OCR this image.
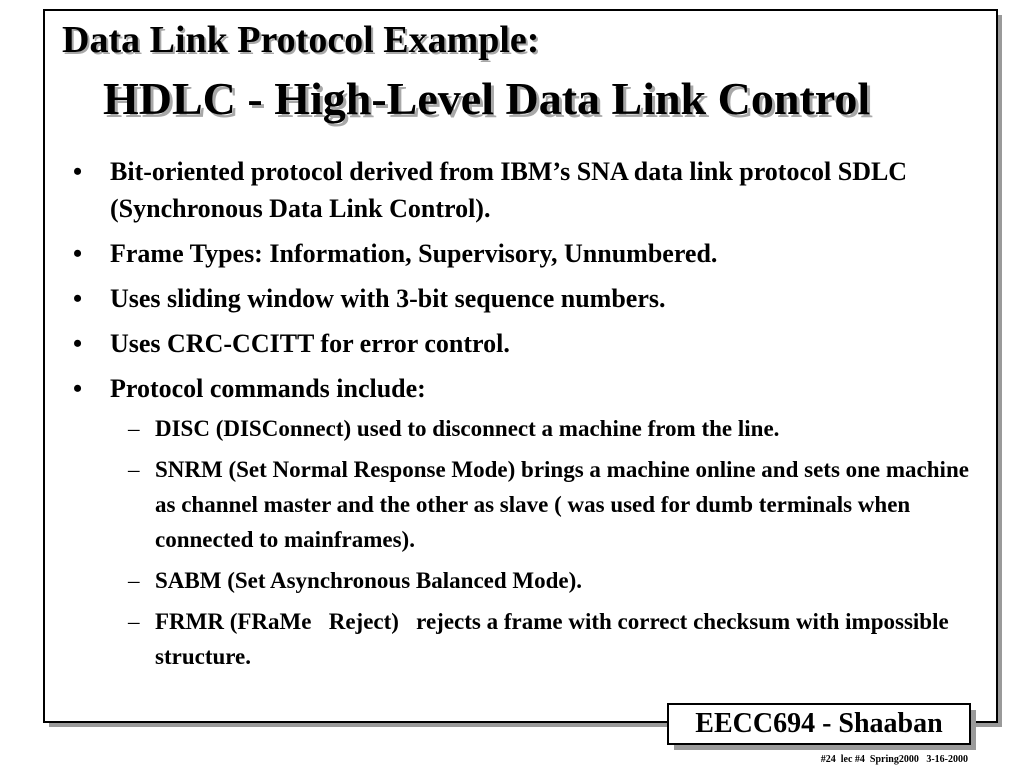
Data Link Protocol Example:
HDLC - High-Level Data Link Control
• Bit-oriented protocol derived from IBM’s SNA data link protocol SDLC (Synchronous Data Link Control).
• Frame Types: Information, Supervisory, Unnumbered.
• Uses sliding window with 3-bit sequence numbers.
• Uses CRC-CCITT for error control.
• Protocol commands include:
– DISC (DISConnect) used to disconnect a machine from the line.
– SNRM (Set Normal Response Mode) brings a machine online and sets one machine as channel master and the other as slave ( was used for dumb terminals when connected to mainframes).
– SABM (Set Asynchronous Balanced Mode).
– FRMR (FRaMe   Reject)   rejects a frame with correct checksum with impossible structure.
EECC694 - Shaaban
#24  lec #4  Spring2000   3-16-2000
